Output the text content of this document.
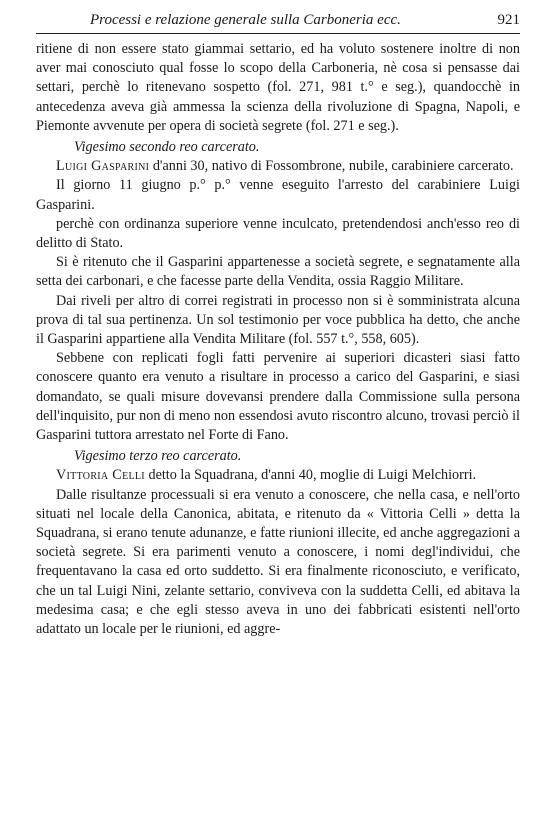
Processi e relazione generale sulla Carboneria ecc.	921

ritiene di non essere stato giammai settario, ed ha voluto sostenere inoltre di non aver mai conosciuto qual fosse lo scopo della Carboneria, nè cosa si pensasse dai settari, perchè lo ritenevano sospetto (fol. 271, 981 t.° e seg.), quandocchè in antecedenza aveva già ammessa la scienza della rivoluzione di Spagna, Napoli, e Piemonte avvenute per opera di società segrete (fol. 271 e seg.).

Vigesimo secondo reo carcerato.

Luigi Gasparini d'anni 30, nativo di Fossombrone, nubile, carabiniere carcerato.

Il giorno 11 giugno p.° p.° venne eseguito l'arresto del carabiniere Luigi Gasparini.

perchè con ordinanza superiore venne inculcato, pretendendosi anch'esso reo di delitto di Stato.

Si è ritenuto che il Gasparini appartenesse a società segrete, e segnatamente alla setta dei carbonari, e che facesse parte della Vendita, ossia Raggio Militare.

Dai riveli per altro di correi registrati in processo non si è somministrata alcuna prova di tal sua pertinenza. Un sol testimonio per voce pubblica ha detto, che anche il Gasparini appartiene alla Vendita Militare (fol. 557 t.°, 558, 605).

Sebbene con replicati fogli fatti pervenire ai superiori dicasteri siasi fatto conoscere quanto era venuto a risultare in processo a carico del Gasparini, e siasi domandato, se quali misure dovevansi prendere dalla Commissione sulla persona dell'inquisito, pur non di meno non essendosi avuto riscontro alcuno, trovasi perciò il Gasparini tuttora arrestato nel Forte di Fano.

Vigesimo terzo reo carcerato.

Vittoria Celli detto la Squadrana, d'anni 40, moglie di Luigi Melchiorri.

Dalle risultanze processuali si era venuto a conoscere, che nella casa, e nell'orto situati nel locale della Canonica, abitata, e ritenuto da « Vittoria Celli » detta la Squadrana, si erano tenute adunanze, e fatte riunioni illecite, ed anche aggregazioni a società segrete. Si era parimenti venuto a conoscere, i nomi degl'individui, che frequentavano la casa ed orto suddetto. Si era finalmente riconosciuto, e verificato, che un tal Luigi Nini, zelante settario, conviveva con la suddetta Celli, ed abitava la medesima casa; e che egli stesso aveva in uno dei fabbricati esistenti nell'orto adattato un locale per le riunioni, ed aggre-
